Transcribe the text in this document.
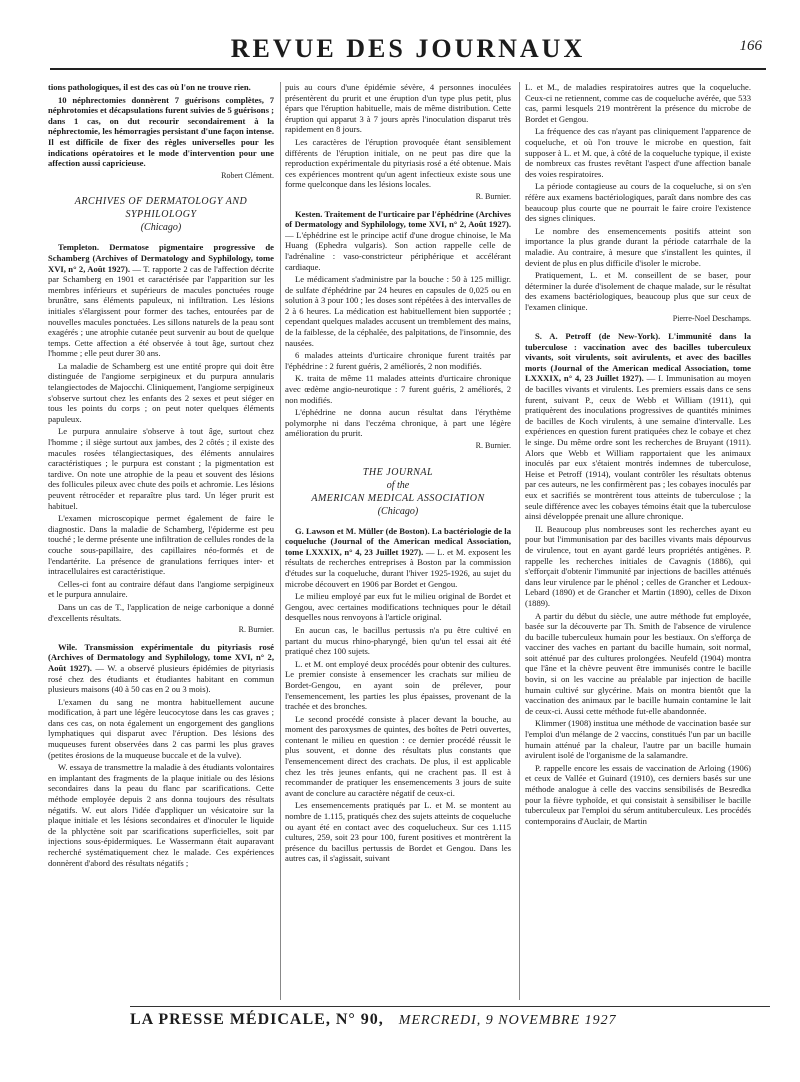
REVUE DES JOURNAUX	166

tions pathologiques, il est des cas où l'on ne trouve rien.

10 néphrectomies donnèrent 7 guérisons complètes, 7 néphrotomies et décapsulations furent suivies de 5 guérisons ; dans 1 cas, on dut recourir secondairement à la néphrectomie, les hémorragies persistant d'une façon intense. Il est difficile de fixer des règles universelles pour les indications opératoires et le mode d'intervention pour une affection aussi capricieuse.

Robert Clément.
ARCHIVES OF DERMATOLOGY AND SYPHILOLOGY
(Chicago)

Templeton. Dermatose pigmentaire progressive de Schamberg (Archives of Dermatology and Syphilology, tome XVI, n° 2, Août 1927). — T. rapporte 2 cas de l'affection décrite par Schamberg en 1901 et caractérisée par l'apparition sur les membres inférieurs et supérieurs de macules ponctuées rouge brunâtre, sans éléments papuleux, ni infiltration. Les lésions initiales s'élargissent pour former des taches, entourées par de nouvelles macules ponctuées. Les sillons naturels de la peau sont exagérés ; une atrophie cutanée peut survenir au bout de quelque temps. Cette affection a été observée à tout âge, surtout chez l'homme ; elle peut durer 30 ans.

La maladie de Schamberg est une entité propre qui doit être distinguée de l'angiome serpigineux et du purpura annularis telangiectodes de Majocchi. Cliniquement, l'angiome serpigineux s'observe surtout chez les enfants des 2 sexes et peut siéger en tous les points du corps ; on peut noter quelques éléments papuleux.

Le purpura annulaire s'observe à tout âge, surtout chez l'homme ; il siège surtout aux jambes, des 2 côtés ; il existe des macules rosées télangiectasiques, des éléments annulaires caractéristiques ; le purpura est constant ; la pigmentation est tardive. On note une atrophie de la peau et souvent des lésions des follicules pileux avec chute des poils et achromie. Les lésions peuvent rétrocéder et reparaître plus tard. Un léger prurit est habituel.

L'examen microscopique permet également de faire le diagnostic. Dans la maladie de Schamberg, l'épiderme est peu touché ; le derme présente une infiltration de cellules rondes de la couche sous-papillaire, des capillaires néo-formés et de l'endartérite. La présence de granulations ferriques inter- et intracellulaires est caractéristique.

Celles-ci font au contraire défaut dans l'angiome serpigineux et le purpura annulaire.

Dans un cas de T., l'application de neige carbonique a donné d'excellents résultats.

R. Burnier.

Wile. Transmission expérimentale du pityriasis rosé (Archives of Dermatology and Syphilology, tome XVI, n° 2, Août 1927). — W. a observé plusieurs épidémies de pityriasis rosé chez des étudiants et étudiantes habitant en commun plusieurs maisons (40 à 50 cas en 2 ou 3 mois).

L'examen du sang ne montra habituellement aucune modification, à part une légère leucocytose dans les cas graves ; dans ces cas, on nota également un engorgement des ganglions lymphatiques qui disparut avec l'éruption. Des lésions des muqueuses furent observées dans 2 cas parmi les plus graves (petites érosions de la muqueuse buccale et de la vulve).

W. essaya de transmettre la maladie à des étudiants volontaires en implantant des fragments de la plaque initiale ou des lésions secondaires dans la peau du flanc par scarifications. Cette méthode employée depuis 2 ans donna toujours des résultats négatifs. W. eut alors l'idée d'appliquer un vésicatoire sur la plaque initiale et les lésions secondaires et d'inoculer le liquide de la phlyctène soit par scarifications superficielles, soit par injections sous-épidermiques. Le Wassermann était auparavant recherché systématiquement chez le malade. Ces expériences donnèrent d'abord des résultats négatifs ;

puis au cours d'une épidémie sévère, 4 personnes inoculées présentèrent du prurit et une éruption d'un type plus petit, plus épars que l'éruption habituelle, mais de même distribution. Cette éruption qui apparut 3 à 7 jours après l'inoculation disparut très rapidement en 8 jours.

Les caractères de l'éruption provoquée étant sensiblement différents de l'éruption initiale, on ne peut pas dire que la reproduction expérimentale du pityriasis rosé a été obtenue. Mais ces expériences montrent qu'un agent infectieux existe sous une forme quelconque dans les lésions locales.

R. Burnier.

Kesten. Traitement de l'urticaire par l'éphédrine (Archives of Dermatology and Syphilology, tome XVI, n° 2, Août 1927). — L'éphédrine est le principe actif d'une drogue chinoise, le Ma Huang (Ephedra vulgaris). Son action rappelle celle de l'adrénaline : vaso-constricteur périphérique et accélérant cardiaque.

Le médicament s'administre par la bouche : 50 à 125 milligr. de sulfate d'éphédrine par 24 heures en capsules de 0,025 ou en solution à 3 pour 100 ; les doses sont répétées à des intervalles de 2 à 6 heures. La médication est habituellement bien supportée ; cependant quelques malades accusent un tremblement des mains, de la faiblesse, de la céphalée, des palpitations, de l'insomnie, des nausées.

6 malades atteints d'urticaire chronique furent traités par l'éphédrine : 2 furent guéris, 2 améliorés, 2 non modifiés.

K. traita de même 11 malades atteints d'urticaire chronique avec œdème angio-neurotique : 7 furent guéris, 2 améliorés, 2 non modifiés.

L'éphédrine ne donna aucun résultat dans l'érythème polymorphe ni dans l'eczéma chronique, à part une légère amélioration du prurit.

R. Burnier.
THE JOURNAL
of the
AMERICAN MEDICAL ASSOCIATION
(Chicago)

G. Lawson et M. Müller (de Boston). La bactériologie de la coqueluche (Journal of the American medical Association, tome LXXXIX, n° 4, 23 Juillet 1927). — L. et M. exposent les résultats de recherches entreprises à Boston par la commission d'études sur la coqueluche, durant l'hiver 1925-1926, au sujet du microbe découvert en 1906 par Bordet et Gengou.

Le milieu employé par eux fut le milieu original de Bordet et Gengou, avec certaines modifications techniques pour le détail desquelles nous renvoyons à l'article original.

En aucun cas, le bacillus pertussis n'a pu être cultivé en partant du mucus rhino-pharyngé, bien qu'un tel essai ait été pratiqué chez 100 sujets.

L. et M. ont employé deux procédés pour obtenir des cultures. Le premier consiste à ensemencer les crachats sur milieu de Bordet-Gengou, en ayant soin de prélever, pour l'ensemencement, les parties les plus épaisses, provenant de la trachée et des bronches.

Le second procédé consiste à placer devant la bouche, au moment des paroxysmes de quintes, des boîtes de Petri ouvertes, contenant le milieu en question : ce dernier procédé réussit le plus souvent, et donne des résultats plus constants que l'ensemencement direct des crachats. De plus, il est applicable chez les très jeunes enfants, qui ne crachent pas. Il est à recommander de pratiquer les ensemencements 3 jours de suite avant de conclure au caractère négatif de ceux-ci.

Les ensemencements pratiqués par L. et M. se montent au nombre de 1.115, pratiqués chez des sujets atteints de coqueluche ou ayant été en contact avec des coquelucheux. Sur ces 1.115 cultures, 259, soit 23 pour 100, furent positives et montrèrent la présence du bacillus pertussis de Bordet et Gengou. Dans les autres cas, il s'agissait, suivant

L. et M., de maladies respiratoires autres que la coqueluche. Ceux-ci ne retiennent, comme cas de coqueluche avérée, que 533 cas, parmi lesquels 219 montrèrent la présence du microbe de Bordet et Gengou.

La fréquence des cas n'ayant pas cliniquement l'apparence de coqueluche, et où l'on trouve le microbe en question, fait supposer à L. et M. que, à côté de la coqueluche typique, il existe de nombreux cas frustes revêtant l'aspect d'une affection banale des voies respiratoires.

La période contagieuse au cours de la coqueluche, si on s'en réfère aux examens bactériologiques, paraît dans nombre des cas beaucoup plus courte que ne pourrait le faire croire l'existence des signes cliniques.

Le nombre des ensemencements positifs atteint son importance la plus grande durant la période catarrhale de la maladie. Au contraire, à mesure que s'installent les quintes, il devient de plus en plus difficile d'isoler le microbe.

Pratiquement, L. et M. conseillent de se baser, pour déterminer la durée d'isolement de chaque malade, sur le résultat des examens bactériologiques, beaucoup plus que sur ceux de l'examen clinique.

Pierre-Noel Deschamps.

S. A. Petroff (de New-York). L'immunité dans la tuberculose : vaccination avec des bacilles tuberculeux vivants, soit virulents, soit avirulents, et avec des bacilles morts (Journal of the American medical Association, tome LXXXIX, n° 4, 23 Juillet 1927). — I. Immunisation au moyen de bacilles vivants et virulents. Les premiers essais dans ce sens furent, suivant P., ceux de Webb et William (1911), qui pratiquèrent des inoculations progressives de quantités minimes de bacilles de Koch virulents, à une semaine d'intervalle. Les expériences en question furent pratiquées chez le cobaye et chez le singe. Du même ordre sont les recherches de Bruyant (1911). Alors que Webb et William rapportaient que les animaux inoculés par eux s'étaient montrés indemnes de tuberculose, Heise et Petroff (1914), voulant contrôler les résultats obtenus par ces auteurs, ne les confirmèrent pas ; les cobayes inoculés par eux et sacrifiés se montrèrent tous atteints de tuberculose ; la seule différence avec les cobayes témoins était que la tuberculose ainsi développée prenait une allure chronique.

II. Beaucoup plus nombreuses sont les recherches ayant eu pour but l'immunisation par des bacilles vivants mais dépourvus de virulence, tout en ayant gardé leurs propriétés antigènes. P. rappelle les recherches initiales de Cavagnis (1886), qui s'efforçait d'obtenir l'immunité par injections de bacilles atténués dans leur virulence par le phénol ; celles de Grancher et Ledoux-Lebard (1890) et de Grancher et Martin (1890), celles de Dixon (1889).

A partir du début du siècle, une autre méthode fut employée, basée sur la découverte par Th. Smith de l'absence de virulence du bacille tuberculeux humain pour les bestiaux. On s'efforça de vacciner des vaches en partant du bacille humain, soit normal, soit atténué par des cultures prolongées. Neufeld (1904) montra que l'âne et la chèvre peuvent être immunisés contre le bacille bovin, si on les vaccine au préalable par injection de bacille humain cultivé sur glycérine. Mais on montra bientôt que la vaccination des animaux par le bacille humain contamine le lait de ceux-ci. Aussi cette méthode fut-elle abandonnée.

Klimmer (1908) institua une méthode de vaccination basée sur l'emploi d'un mélange de 2 vaccins, constitués l'un par un bacille humain atténué par la chaleur, l'autre par un bacille humain avirulent isolé de l'organisme de la salamandre.

P. rappelle encore les essais de vaccination de Arloing (1906) et ceux de Vallée et Guinard (1910), ces derniers basés sur une méthode analogue à celle des vaccins sensibilisés de Besredka pour la fièvre typhoïde, et qui consistait à sensibiliser le bacille tuberculeux par l'emploi du sérum antituberculeux. Les procédés contemporains d'Auclair, de Martin

LA PRESSE MÉDICALE, N° 90, MERCREDI, 9 NOVEMBRE 1927
